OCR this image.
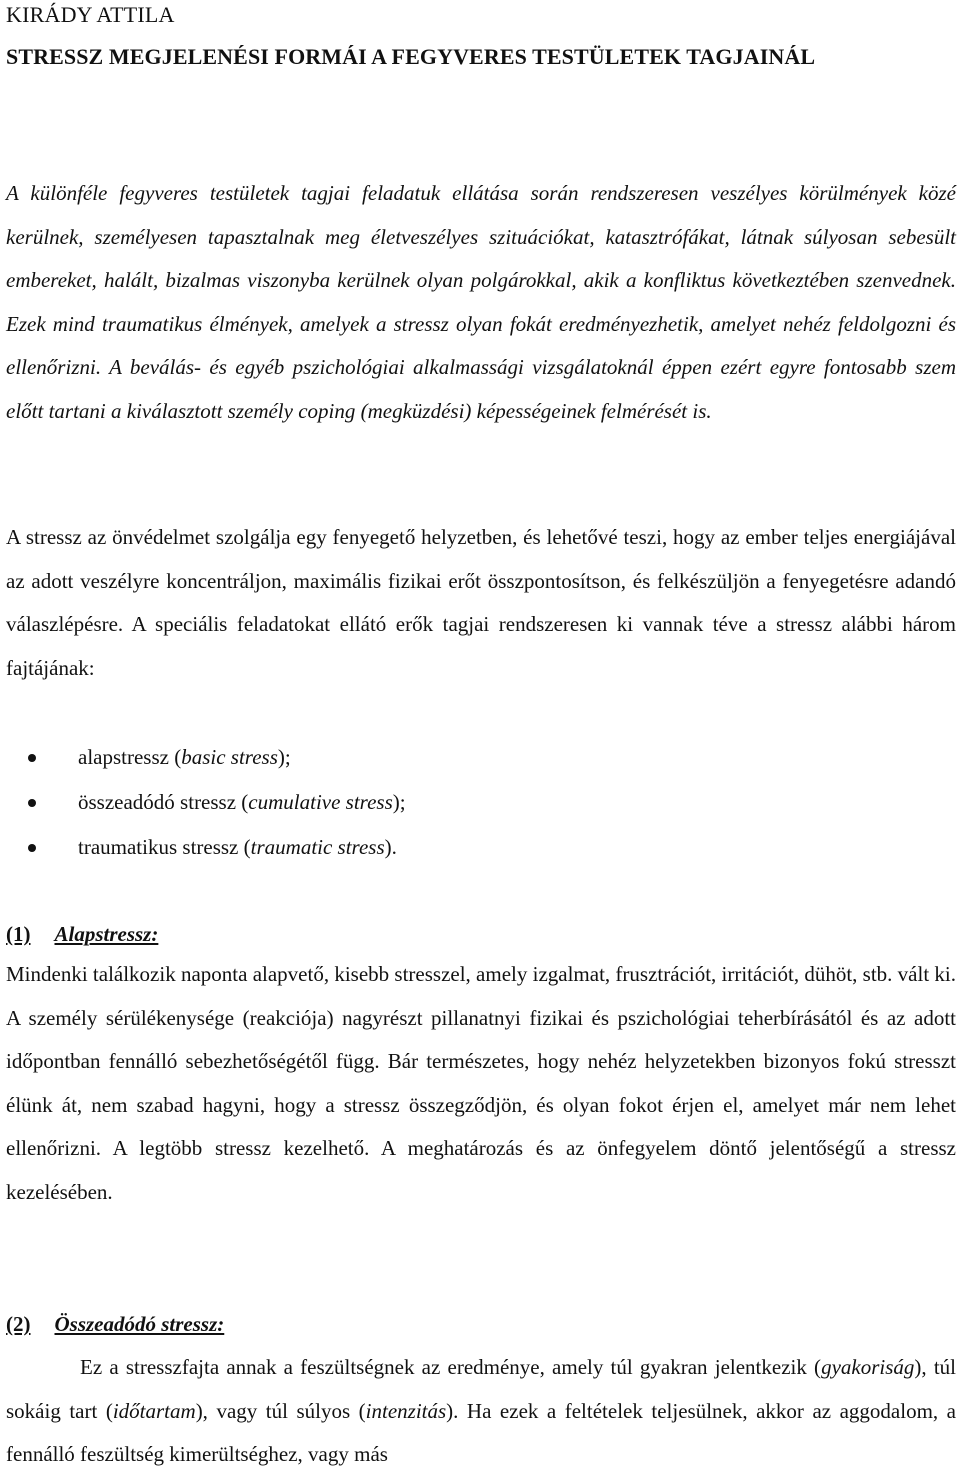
KIRÁDY ATTILA
STRESSZ MEGJELENÉSI FORMÁI A FEGYVERES TESTÜLETEK TAGJAINÁL

A különféle fegyveres testületek tagjai feladatuk ellátása során rendszeresen veszélyes körülmények közé kerülnek, személyesen tapasztalnak meg életveszélyes szituációkat, katasztrófákat, látnak súlyosan sebesült embereket, halált, bizalmas viszonyba kerülnek olyan polgárokkal, akik a konfliktus következtében szenvednek. Ezek mind traumatikus élmények, amelyek a stressz olyan fokát eredményezhetik, amelyet nehéz feldolgozni és ellenőrizni. A beválás- és egyéb pszichológiai alkalmassági vizsgálatoknál éppen ezért egyre fontosabb szem előtt tartani a kiválasztott személy coping (megküzdési) képességeinek felmérését is.

A stressz az önvédelmet szolgálja egy fenyegető helyzetben, és lehetővé teszi, hogy az ember teljes energiájával az adott veszélyre koncentráljon, maximális fizikai erőt összpontosítson, és felkészüljön a fenyegetésre adandó válaszlépésre. A speciális feladatokat ellátó erők tagjai rendszeresen ki vannak téve a stressz alábbi három fajtájának:

alapstressz (basic stress);
összeadódó stressz (cumulative stress);
traumatikus stressz (traumatic stress).
(1) Alapstressz:

Mindenki találkozik naponta alapvető, kisebb stresszel, amely izgalmat, frusztrációt, irritációt, dühöt, stb. vált ki. A személy sérülékenysége (reakciója) nagyrészt pillanatnyi fizikai és pszichológiai teherbírásától és az adott időpontban fennálló sebezhetőségétől függ. Bár természetes, hogy nehéz helyzetekben bizonyos fokú stresszt élünk át, nem szabad hagyni, hogy a stressz összegződjön, és olyan fokot érjen el, amelyet már nem lehet ellenőrizni. A legtöbb stressz kezelhető. A meghatározás és az önfegyelem döntő jelentőségű a stressz kezelésében.

(2) Összeadódó stressz:

Ez a stresszfajta annak a feszültségnek az eredménye, amely túl gyakran jelentkezik (gyakoriság), túl sokáig tart (időtartam), vagy túl súlyos (intenzitás). Ha ezek a feltételek teljesülnek, akkor az aggodalom, a fennálló feszültség kimerültséghez, vagy más
